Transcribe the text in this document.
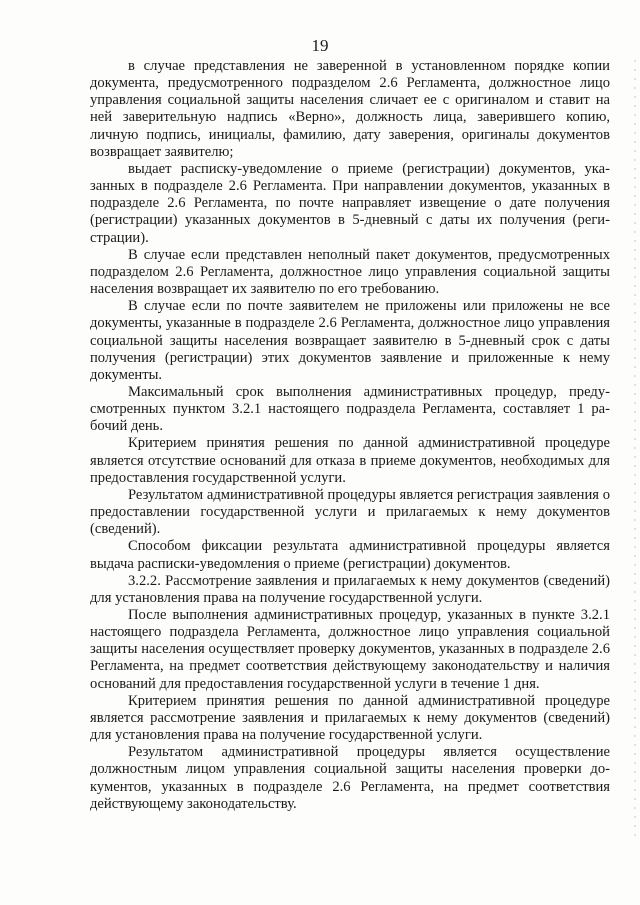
19

в случае представления не заверенной в установленном порядке копии документа, предусмотренного подразделом 2.6 Регламента, должностное лицо управления социальной защиты населения сличает ее с оригиналом и ставит на ней заверительную надпись «Верно», должность лица, заверившего копию, личную подпись, инициалы, фамилию, дату заверения, оригиналы документов возвращает заявителю;

выдает расписку-уведомление о приеме (регистрации) документов, указанных в подразделе 2.6 Регламента. При направлении документов, указанных в подразделе 2.6 Регламента, по почте направляет извещение о дате получения (регистрации) указанных документов в 5-дневный с даты их получения (регистрации).

В случае если представлен неполный пакет документов, предусмотренных подразделом 2.6 Регламента, должностное лицо управления социальной защиты населения возвращает их заявителю по его требованию.

В случае если по почте заявителем не приложены или приложены не все документы, указанные в подразделе 2.6 Регламента, должностное лицо управления социальной защиты населения возвращает заявителю в 5-дневный срок с даты получения (регистрации) этих документов заявление и приложенные к нему документы.

Максимальный срок выполнения административных процедур, предусмотренных пунктом 3.2.1 настоящего подраздела Регламента, составляет 1 рабочий день.

Критерием принятия решения по данной административной процедуре является отсутствие оснований для отказа в приеме документов, необходимых для предоставления государственной услуги.

Результатом административной процедуры является регистрация заявления о предоставлении государственной услуги и прилагаемых к нему документов (сведений).

Способом фиксации результата административной процедуры является выдача расписки-уведомления о приеме (регистрации) документов.

3.2.2. Рассмотрение заявления и прилагаемых к нему документов (сведений) для установления права на получение государственной услуги.

После выполнения административных процедур, указанных в пункте 3.2.1 настоящего подраздела Регламента, должностное лицо управления социальной защиты населения осуществляет проверку документов, указанных в подразделе 2.6 Регламента, на предмет соответствия действующему законодательству и наличия оснований для предоставления государственной услуги в течение 1 дня.

Критерием принятия решения по данной административной процедуре является рассмотрение заявления и прилагаемых к нему документов (сведений) для установления права на получение государственной услуги.

Результатом административной процедуры является осуществление должностным лицом управления социальной защиты населения проверки документов, указанных в подразделе 2.6 Регламента, на предмет соответствия действующему законодательству.
